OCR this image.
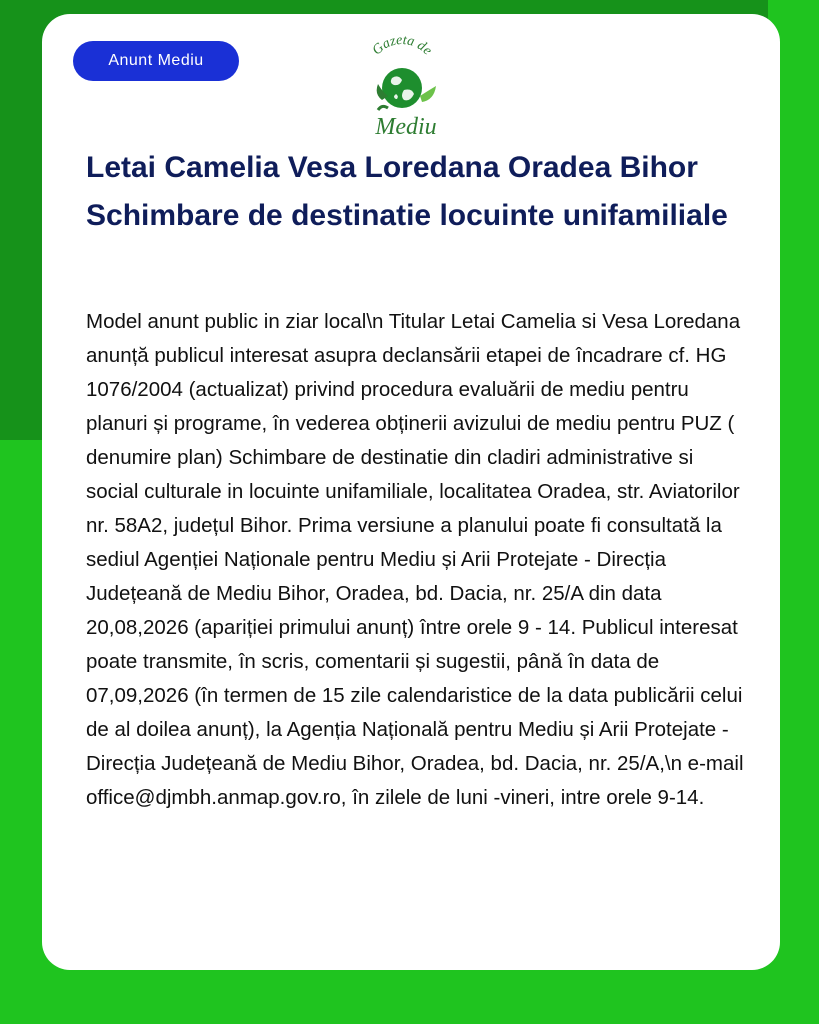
Anunt Mediu
Gazeta de
Mediu
Letai Camelia Vesa Loredana Oradea Bihor Schimbare de destinatie locuinte unifamiliale

Model anunt public in ziar local\n Titular Letai Camelia si Vesa Loredana anunță publicul interesat asupra declansării etapei de încadrare cf. HG 1076/2004 (actualizat) privind procedura evaluării de mediu pentru planuri și programe, în vederea obținerii avizului de mediu pentru PUZ ( denumire plan) Schimbare de destinatie din cladiri administrative si social culturale in locuinte unifamiliale, localitatea Oradea, str. Aviatorilor nr. 58A2, județul Bihor. Prima versiune a planului poate fi consultată la sediul Agenției Naționale pentru Mediu și Arii Protejate - Direcția Județeană de Mediu Bihor, Oradea, bd. Dacia, nr. 25/A din data 20,08,2026 (apariției primului anunț) între orele 9 - 14. Publicul interesat poate transmite, în scris, comentarii și sugestii, până în data de 07,09,2026 (în termen de 15 zile calendaristice de la data publicării celui de al doilea anunț), la Agenția Națională pentru Mediu și Arii Protejate -Direcția Județeană de Mediu Bihor, Oradea, bd. Dacia, nr. 25/A,\n e-mail office@djmbh.anmap.gov.ro, în zilele de luni -vineri, intre orele 9-14.
